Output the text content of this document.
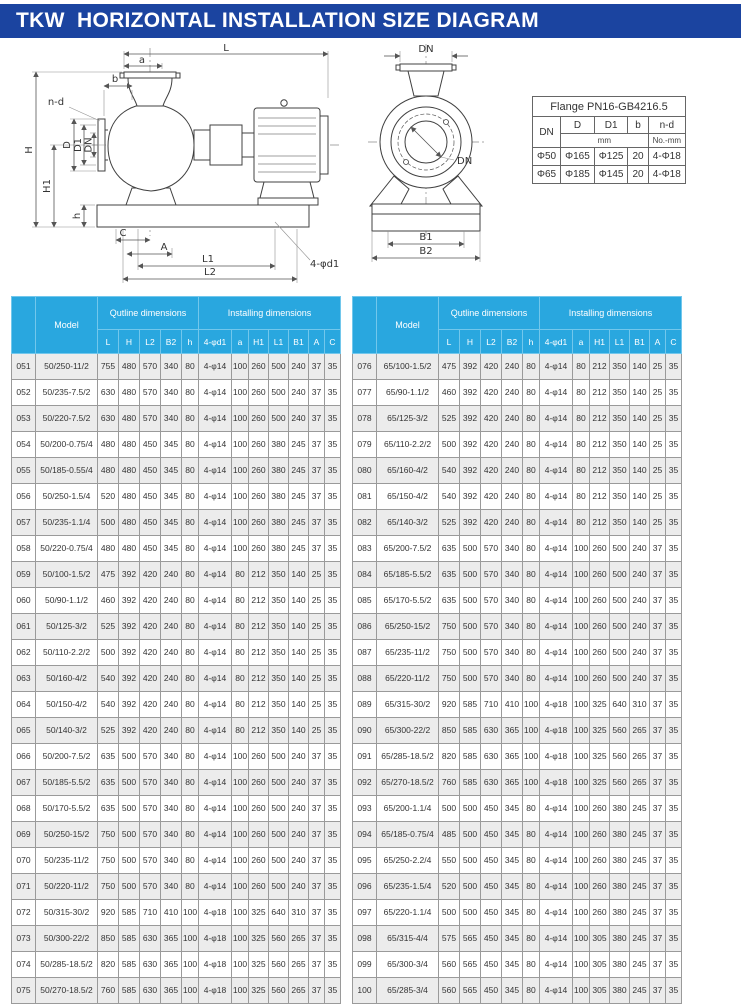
TKW  HORIZONTAL INSTALLATION SIZE DIAGRAM
L
a
b
n-d
D D1 DN
H
H1
h
C
A
L1
L2
4-φd1
DN
DN
B1
B2
Flange PN16-GB4216.5				
DN	D	D1	b	n-d
	mm			No.-mm
Φ50	Φ165	Φ125	20	4-Φ18
Φ65	Φ185	Φ145	20	4-Φ18
	Model	Qutline dimensions					Installing dimensions						
		L	H	L2	B2	h	4-φd1	a	H1	L1	B1	A	C
051	50/250-11/2	755	480	570	340	80	4-φ14	100	260	500	240	37	35
052	50/235-7.5/2	630	480	570	340	80	4-φ14	100	260	500	240	37	35
053	50/220-7.5/2	630	480	570	340	80	4-φ14	100	260	500	240	37	35
054	50/200-0.75/4	480	480	450	345	80	4-φ14	100	260	380	245	37	35
055	50/185-0.55/4	480	480	450	345	80	4-φ14	100	260	380	245	37	35
056	50/250-1.5/4	520	480	450	345	80	4-φ14	100	260	380	245	37	35
057	50/235-1.1/4	500	480	450	345	80	4-φ14	100	260	380	245	37	35
058	50/220-0.75/4	480	480	450	345	80	4-φ14	100	260	380	245	37	35
059	50/100-1.5/2	475	392	420	240	80	4-φ14	80	212	350	140	25	35
060	50/90-1.1/2	460	392	420	240	80	4-φ14	80	212	350	140	25	35
061	50/125-3/2	525	392	420	240	80	4-φ14	80	212	350	140	25	35
062	50/110-2.2/2	500	392	420	240	80	4-φ14	80	212	350	140	25	35
063	50/160-4/2	540	392	420	240	80	4-φ14	80	212	350	140	25	35
064	50/150-4/2	540	392	420	240	80	4-φ14	80	212	350	140	25	35
065	50/140-3/2	525	392	420	240	80	4-φ14	80	212	350	140	25	35
066	50/200-7.5/2	635	500	570	340	80	4-φ14	100	260	500	240	37	35
067	50/185-5.5/2	635	500	570	340	80	4-φ14	100	260	500	240	37	35
068	50/170-5.5/2	635	500	570	340	80	4-φ14	100	260	500	240	37	35
069	50/250-15/2	750	500	570	340	80	4-φ14	100	260	500	240	37	35
070	50/235-11/2	750	500	570	340	80	4-φ14	100	260	500	240	37	35
071	50/220-11/2	750	500	570	340	80	4-φ14	100	260	500	240	37	35
072	50/315-30/2	920	585	710	410	100	4-φ18	100	325	640	310	37	35
073	50/300-22/2	850	585	630	365	100	4-φ18	100	325	560	265	37	35
074	50/285-18.5/2	820	585	630	365	100	4-φ18	100	325	560	265	37	35
075	50/270-18.5/2	760	585	630	365	100	4-φ18	100	325	560	265	37	35
	Model	Qutline dimensions					Installing dimensions						
		L	H	L2	B2	h	4-φd1	a	H1	L1	B1	A	C
076	65/100-1.5/2	475	392	420	240	80	4-φ14	80	212	350	140	25	35
077	65/90-1.1/2	460	392	420	240	80	4-φ14	80	212	350	140	25	35
078	65/125-3/2	525	392	420	240	80	4-φ14	80	212	350	140	25	35
079	65/110-2.2/2	500	392	420	240	80	4-φ14	80	212	350	140	25	35
080	65/160-4/2	540	392	420	240	80	4-φ14	80	212	350	140	25	35
081	65/150-4/2	540	392	420	240	80	4-φ14	80	212	350	140	25	35
082	65/140-3/2	525	392	420	240	80	4-φ14	80	212	350	140	25	35
083	65/200-7.5/2	635	500	570	340	80	4-φ14	100	260	500	240	37	35
084	65/185-5.5/2	635	500	570	340	80	4-φ14	100	260	500	240	37	35
085	65/170-5.5/2	635	500	570	340	80	4-φ14	100	260	500	240	37	35
086	65/250-15/2	750	500	570	340	80	4-φ14	100	260	500	240	37	35
087	65/235-11/2	750	500	570	340	80	4-φ14	100	260	500	240	37	35
088	65/220-11/2	750	500	570	340	80	4-φ14	100	260	500	240	37	35
089	65/315-30/2	920	585	710	410	100	4-φ18	100	325	640	310	37	35
090	65/300-22/2	850	585	630	365	100	4-φ18	100	325	560	265	37	35
091	65/285-18.5/2	820	585	630	365	100	4-φ18	100	325	560	265	37	35
092	65/270-18.5/2	760	585	630	365	100	4-φ18	100	325	560	265	37	35
093	65/200-1.1/4	500	500	450	345	80	4-φ14	100	260	380	245	37	35
094	65/185-0.75/4	485	500	450	345	80	4-φ14	100	260	380	245	37	35
095	65/250-2.2/4	550	500	450	345	80	4-φ14	100	260	380	245	37	35
096	65/235-1.5/4	520	500	450	345	80	4-φ14	100	260	380	245	37	35
097	65/220-1.1/4	500	500	450	345	80	4-φ14	100	260	380	245	37	35
098	65/315-4/4	575	565	450	345	80	4-φ14	100	305	380	245	37	35
099	65/300-3/4	560	565	450	345	80	4-φ14	100	305	380	245	37	35
100	65/285-3/4	560	565	450	345	80	4-φ14	100	305	380	245	37	35
